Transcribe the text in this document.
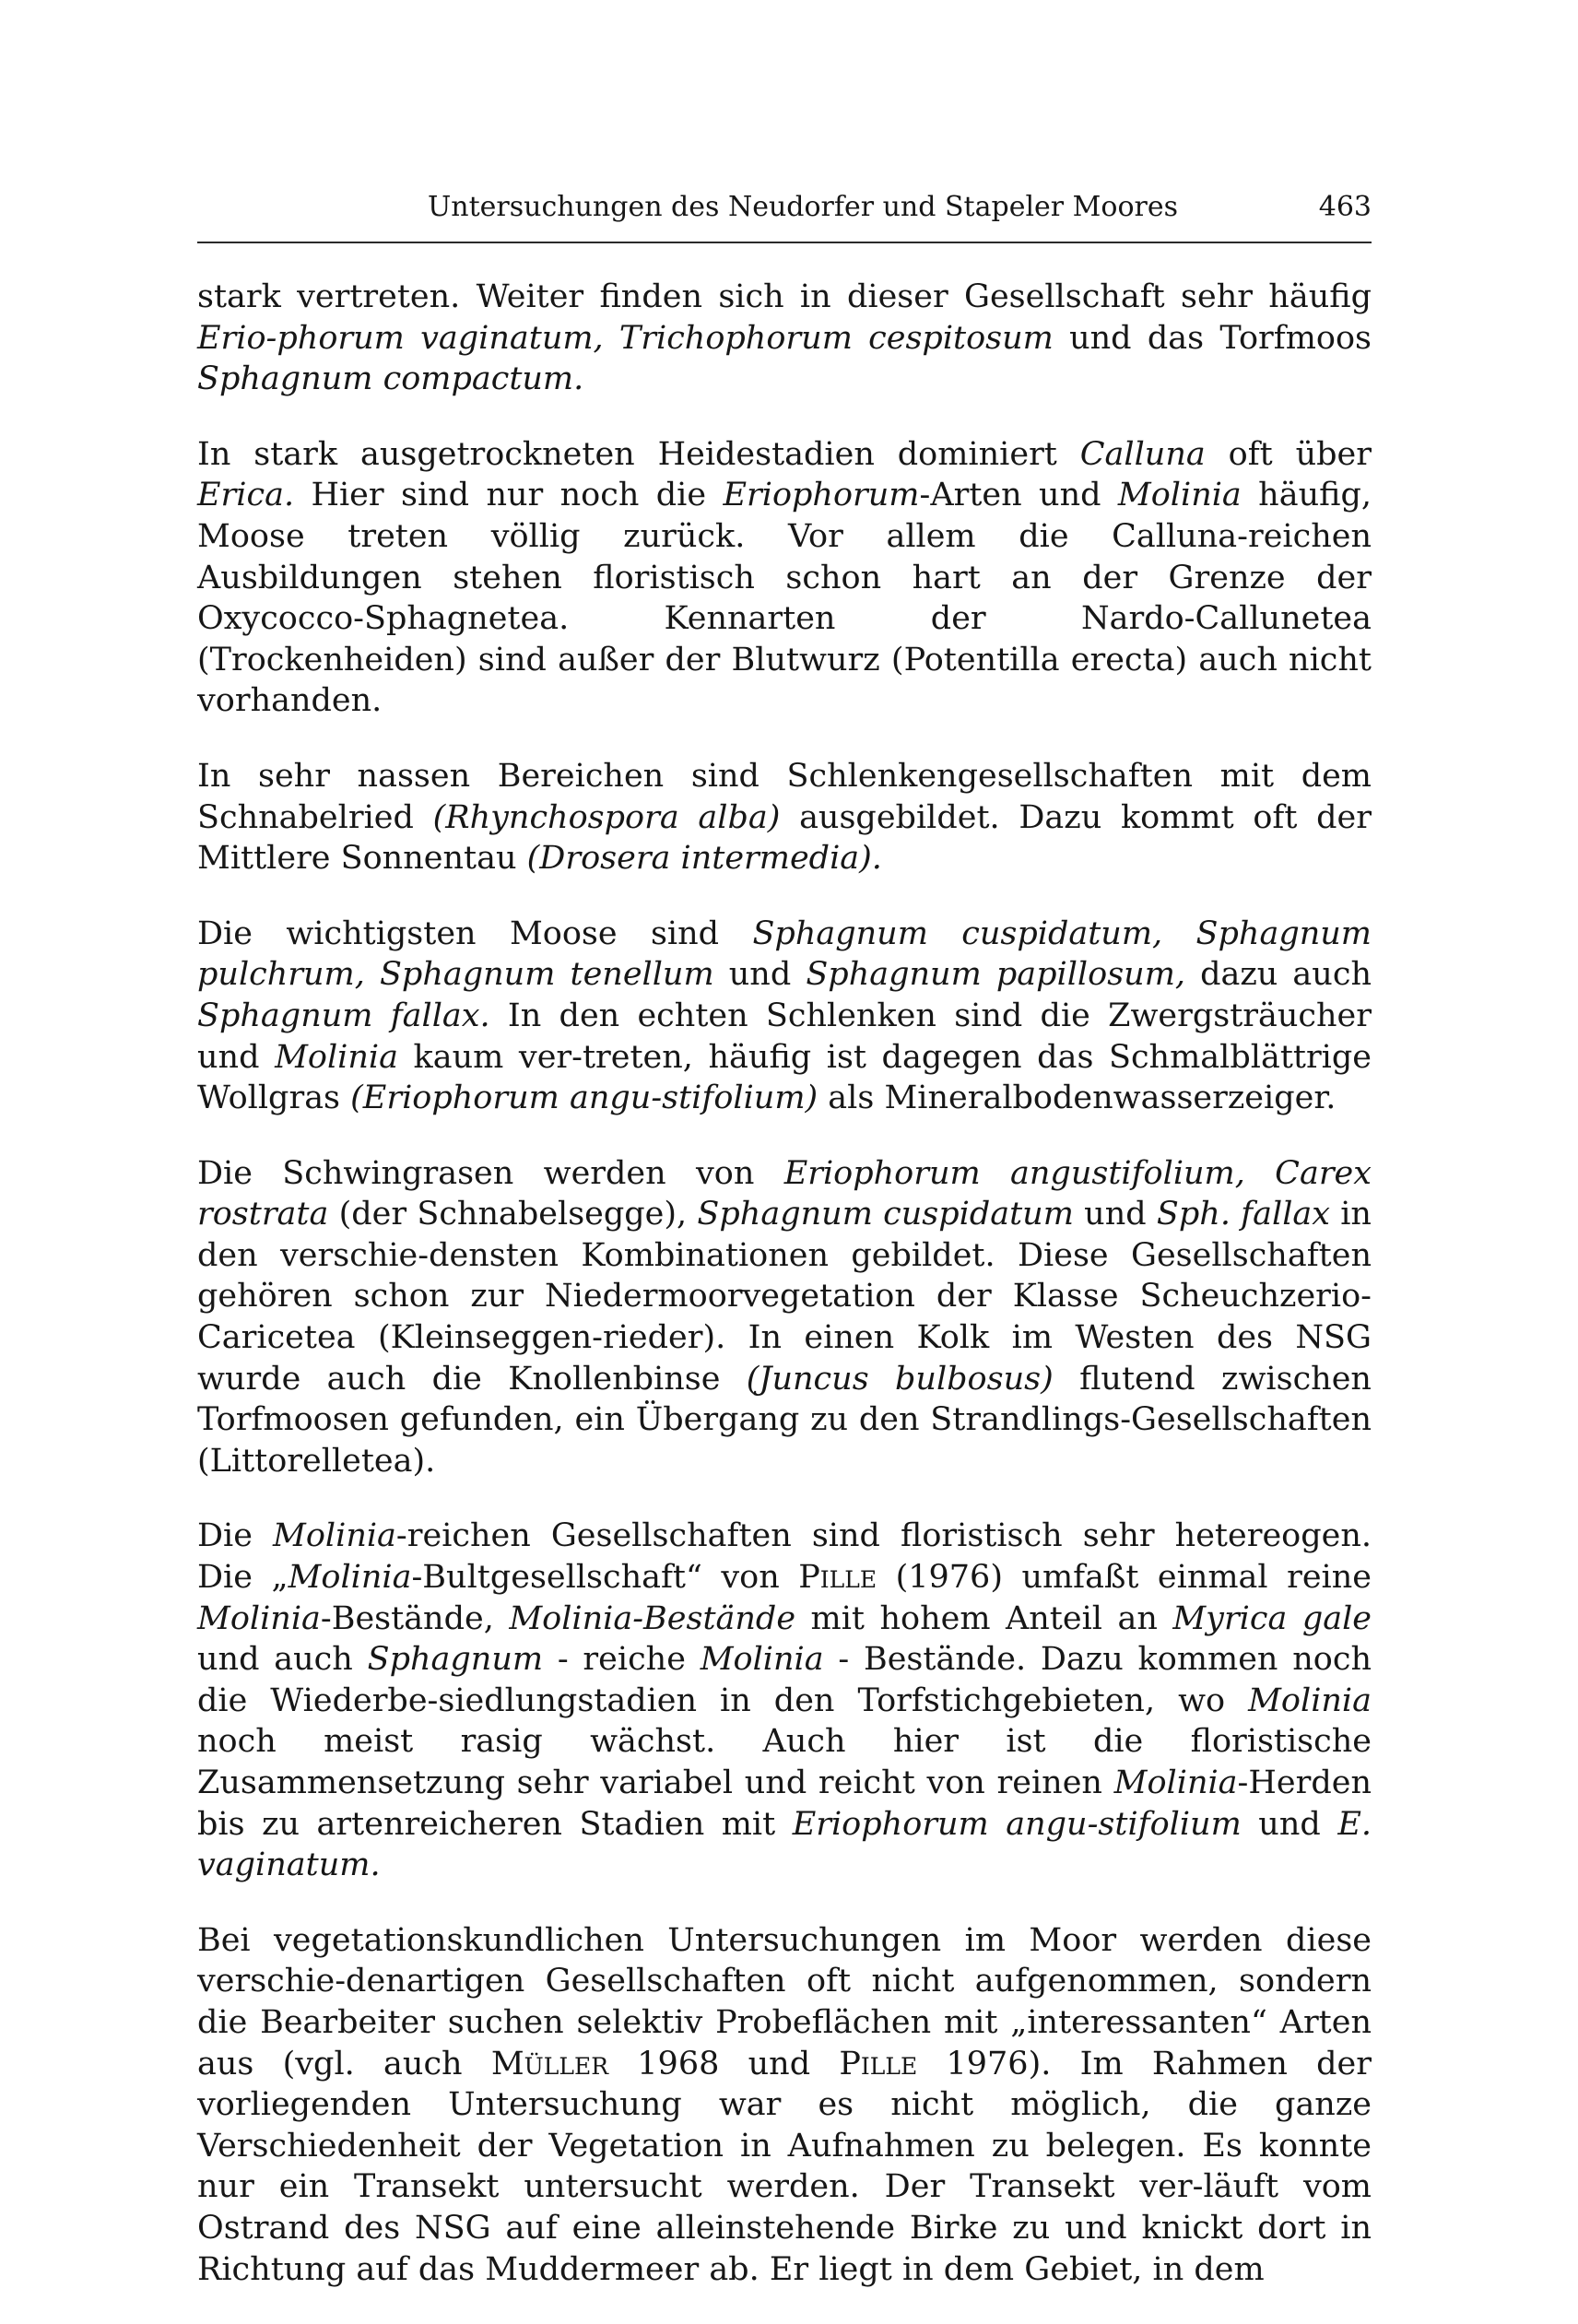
Untersuchungen des Neudorfer und Stapeler Moores	463

stark vertreten. Weiter finden sich in dieser Gesellschaft sehr häufig Erio-phorum vaginatum, Trichophorum cespitosum und das Torfmoos Sphagnum compactum.

In stark ausgetrockneten Heidestadien dominiert Calluna oft über Erica. Hier sind nur noch die Eriophorum-Arten und Molinia häufig, Moose treten völlig zurück. Vor allem die Calluna-reichen Ausbildungen stehen floristisch schon hart an der Grenze der Oxycocco-Sphagnetea. Kennarten der Nardo-Callunetea (Trockenheiden) sind außer der Blutwurz (Potentilla erecta) auch nicht vorhanden.

In sehr nassen Bereichen sind Schlenkengesellschaften mit dem Schnabelried (Rhynchospora alba) ausgebildet. Dazu kommt oft der Mittlere Sonnentau (Drosera intermedia).

Die wichtigsten Moose sind Sphagnum cuspidatum, Sphagnum pulchrum, Sphagnum tenellum und Sphagnum papillosum, dazu auch Sphagnum fallax. In den echten Schlenken sind die Zwergsträucher und Molinia kaum ver-treten, häufig ist dagegen das Schmalblättrige Wollgras (Eriophorum angu-stifolium) als Mineralbodenwasserzeiger.

Die Schwingrasen werden von Eriophorum angustifolium, Carex rostrata (der Schnabelsegge), Sphagnum cuspidatum und Sph. fallax in den verschie-densten Kombinationen gebildet. Diese Gesellschaften gehören schon zur Niedermoorvegetation der Klasse Scheuchzerio-Caricetea (Kleinseggen-rieder). In einen Kolk im Westen des NSG wurde auch die Knollenbinse (Juncus bulbosus) flutend zwischen Torfmoosen gefunden, ein Übergang zu den Strandlings-Gesellschaften (Littorelletea).

Die Molinia-reichen Gesellschaften sind floristisch sehr hetereogen. Die „Molinia-Bultgesellschaft“ von Pille (1976) umfaßt einmal reine Molinia-Bestände, Molinia-Bestände mit hohem Anteil an Myrica gale und auch Sphagnum - reiche Molinia - Bestände. Dazu kommen noch die Wiederbe-siedlungstadien in den Torfstichgebieten, wo Molinia noch meist rasig wächst. Auch hier ist die floristische Zusammensetzung sehr variabel und reicht von reinen Molinia-Herden bis zu artenreicheren Stadien mit Eriophorum angu-stifolium und E. vaginatum.

Bei vegetationskundlichen Untersuchungen im Moor werden diese verschie-denartigen Gesellschaften oft nicht aufgenommen, sondern die Bearbeiter suchen selektiv Probeflächen mit „interessanten“ Arten aus (vgl. auch Müller 1968 und Pille 1976). Im Rahmen der vorliegenden Untersuchung war es nicht möglich, die ganze Verschiedenheit der Vegetation in Aufnahmen zu belegen. Es konnte nur ein Transekt untersucht werden. Der Transekt ver-läuft vom Ostrand des NSG auf eine alleinstehende Birke zu und knickt dort in Richtung auf das Muddermeer ab. Er liegt in dem Gebiet, in dem
